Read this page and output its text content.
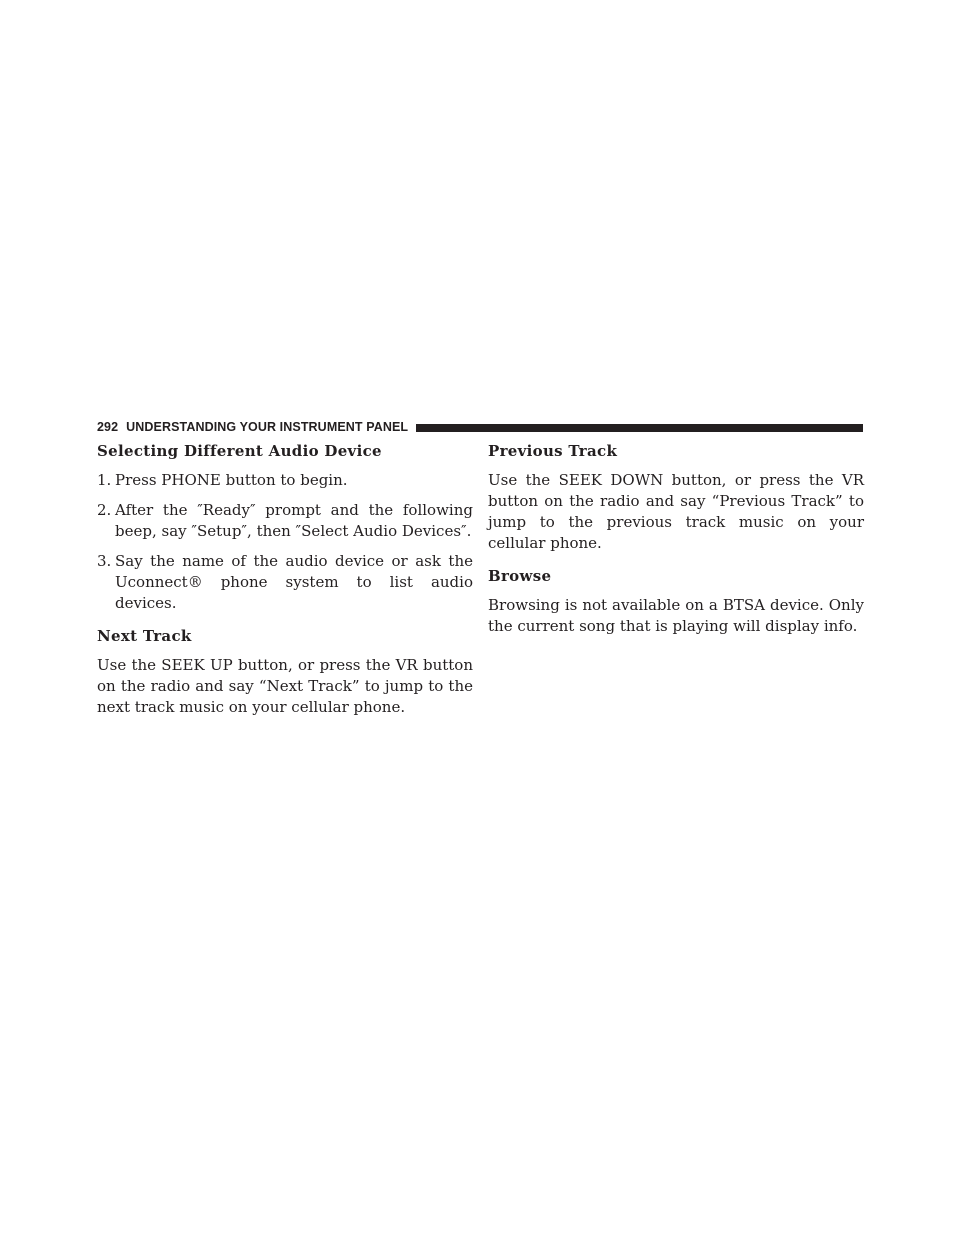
292 UNDERSTANDING YOUR INSTRUMENT PANEL
Selecting Different Audio Device
1. Press PHONE button to begin.
2. After the ″Ready″ prompt and the following beep, say ″Setup″, then ″Select Audio Devices″.
3. Say the name of the audio device or ask the Uconnect® phone system to list audio devices.
Next Track

Use the SEEK UP button, or press the VR button on the radio and say “Next Track” to jump to the next track music on your cellular phone.

Previous Track

Use the SEEK DOWN button, or press the VR button on the radio and say “Previous Track” to jump to the previous track music on your cellular phone.

Browse

Browsing is not available on a BTSA device. Only the current song that is playing will display info.
